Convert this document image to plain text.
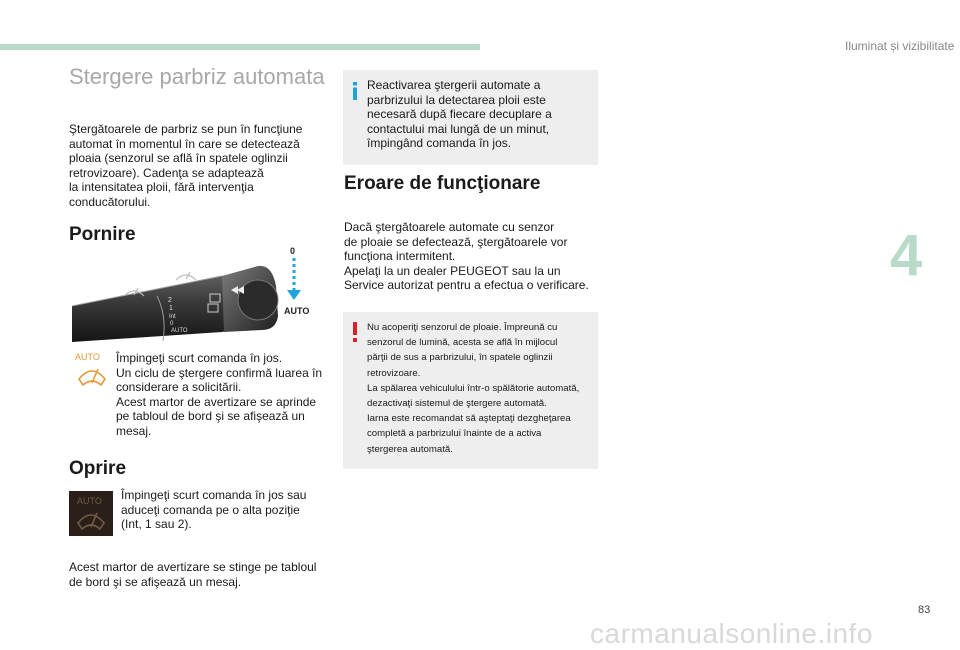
Iluminat și vizibilitate
4
Stergere parbriz automata
Ştergătoarele de parbriz se pun în funcţiune
automat în momentul în care se detectează
ploaia (senzorul se află în spatele oglinzii
retrovizoare). Cadenţa se adaptează
la intensitatea ploii, fără intervenţia
conducătorului.
Pornire
2
1
Int
0
AUTO
0
AUTO
AUTO Împingeţi scurt comanda în jos.
Un ciclu de ştergere confirmă luarea în
considerare a solicitării.
Acest martor de avertizare se aprinde
pe tabloul de bord şi se afişează un
mesaj.
Oprire
AUTO Împingeţi scurt comanda în jos sau
aduceţi comanda pe o alta poziţie
(Int, 1 sau 2).
Acest martor de avertizare se stinge pe tabloul
de bord şi se afişează un mesaj.
Reactivarea ştergerii automate a
parbrizului la detectarea ploii este
necesară după fiecare decuplare a
contactului mai lungă de un minut,
împingând comanda în jos.
Eroare de funcţionare
Dacă ştergătoarele automate cu senzor
de ploaie se defectează, ştergătoarele vor
funcţiona intermitent.
Apelaţi la un dealer PEUGEOT sau la un
Service autorizat pentru a efectua o verificare.
Nu acoperiţi senzorul de ploaie. Împreună cu
senzorul de lumină, acesta se află în mijlocul
părţii de sus a parbrizului, în spatele oglinzii
retrovizoare.
La spălarea vehiculului într-o spălătorie automată,
dezactivaţi sistemul de ştergere automată.
Iarna este recomandat să aşteptaţi dezgheţarea
completă a parbrizului înainte de a activa
ştergerea automată.
83
carmanualsonline.info
